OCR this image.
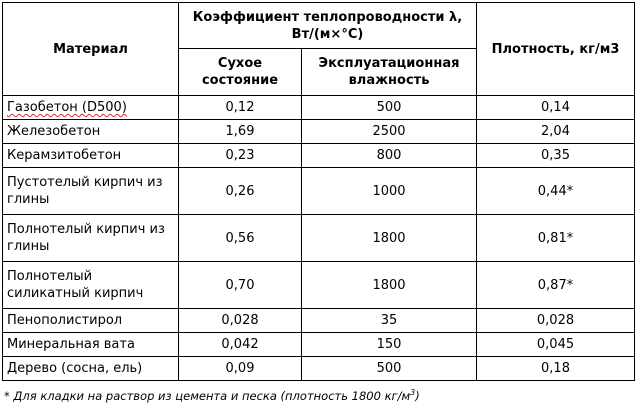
Материал	Коэффициент теплопроводности λ, Вт/(м×°С)		Плотность, кг/м3
	Сухое состояние	Эксплуатационная влажность	
Газобетон (D500)	0,12	500	0,14
Железобетон	1,69	2500	2,04
Керамзитобетон	0,23	800	0,35
Пустотелый кирпич из глины	0,26	1000	0,44*
Полнотелый кирпич из глины	0,56	1800	0,81*
Полнотелый силикатный кирпич	0,70	1800	0,87*
Пенополистирол	0,028	35	0,028
Минеральная вата	0,042	150	0,045
Дерево (сосна, ель)	0,09	500	0,18
* Для кладки на раствор из цемента и песка (плотность 1800 $кг/м^3$)
